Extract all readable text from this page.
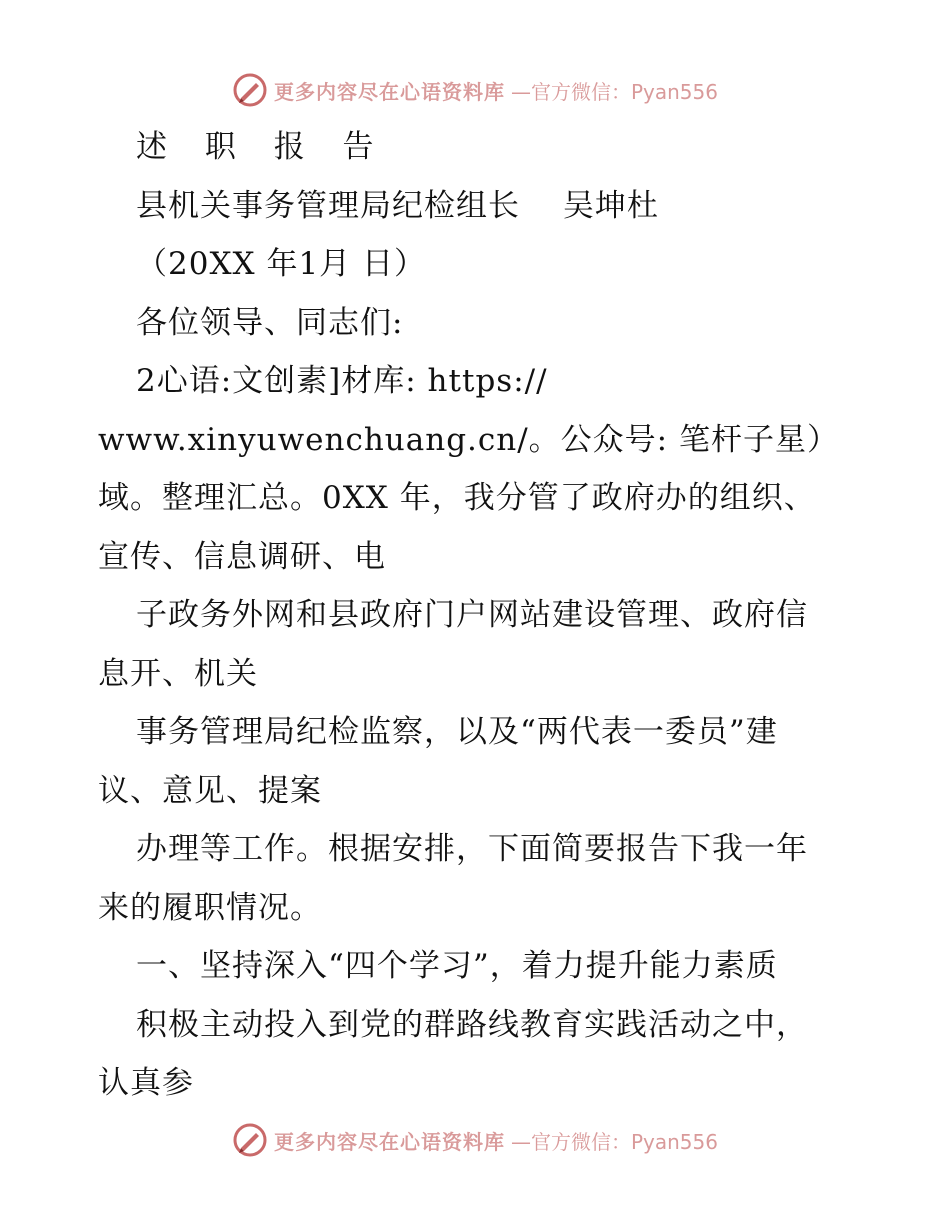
更多内容尽在心语资料库 —官方微信：Pyan556
述 职 报 告
县机关事务管理局纪检组长　 吴坤杜
（20XX 年1月 日）
各位领导、同志们:
2心语:文创素]材库: https://
www.xinyuwenchuang.cn/。公众号: 笔杆子星）
域。整理汇总。0XX 年，我分管了政府办的组织、
宣传、信息调研、电
子政务外网和县政府门户网站建设管理、政府信
息开、机关
事务管理局纪检监察，以及“两代表一委员”建
议、意见、提案
办理等工作。根据安排，下面简要报告下我一年
来的履职情况。
一、坚持深入“四个学习”，着力提升能力素质
积极主动投入到党的群路线教育实践活动之中，
认真参
更多内容尽在心语资料库 —官方微信：Pyan556
